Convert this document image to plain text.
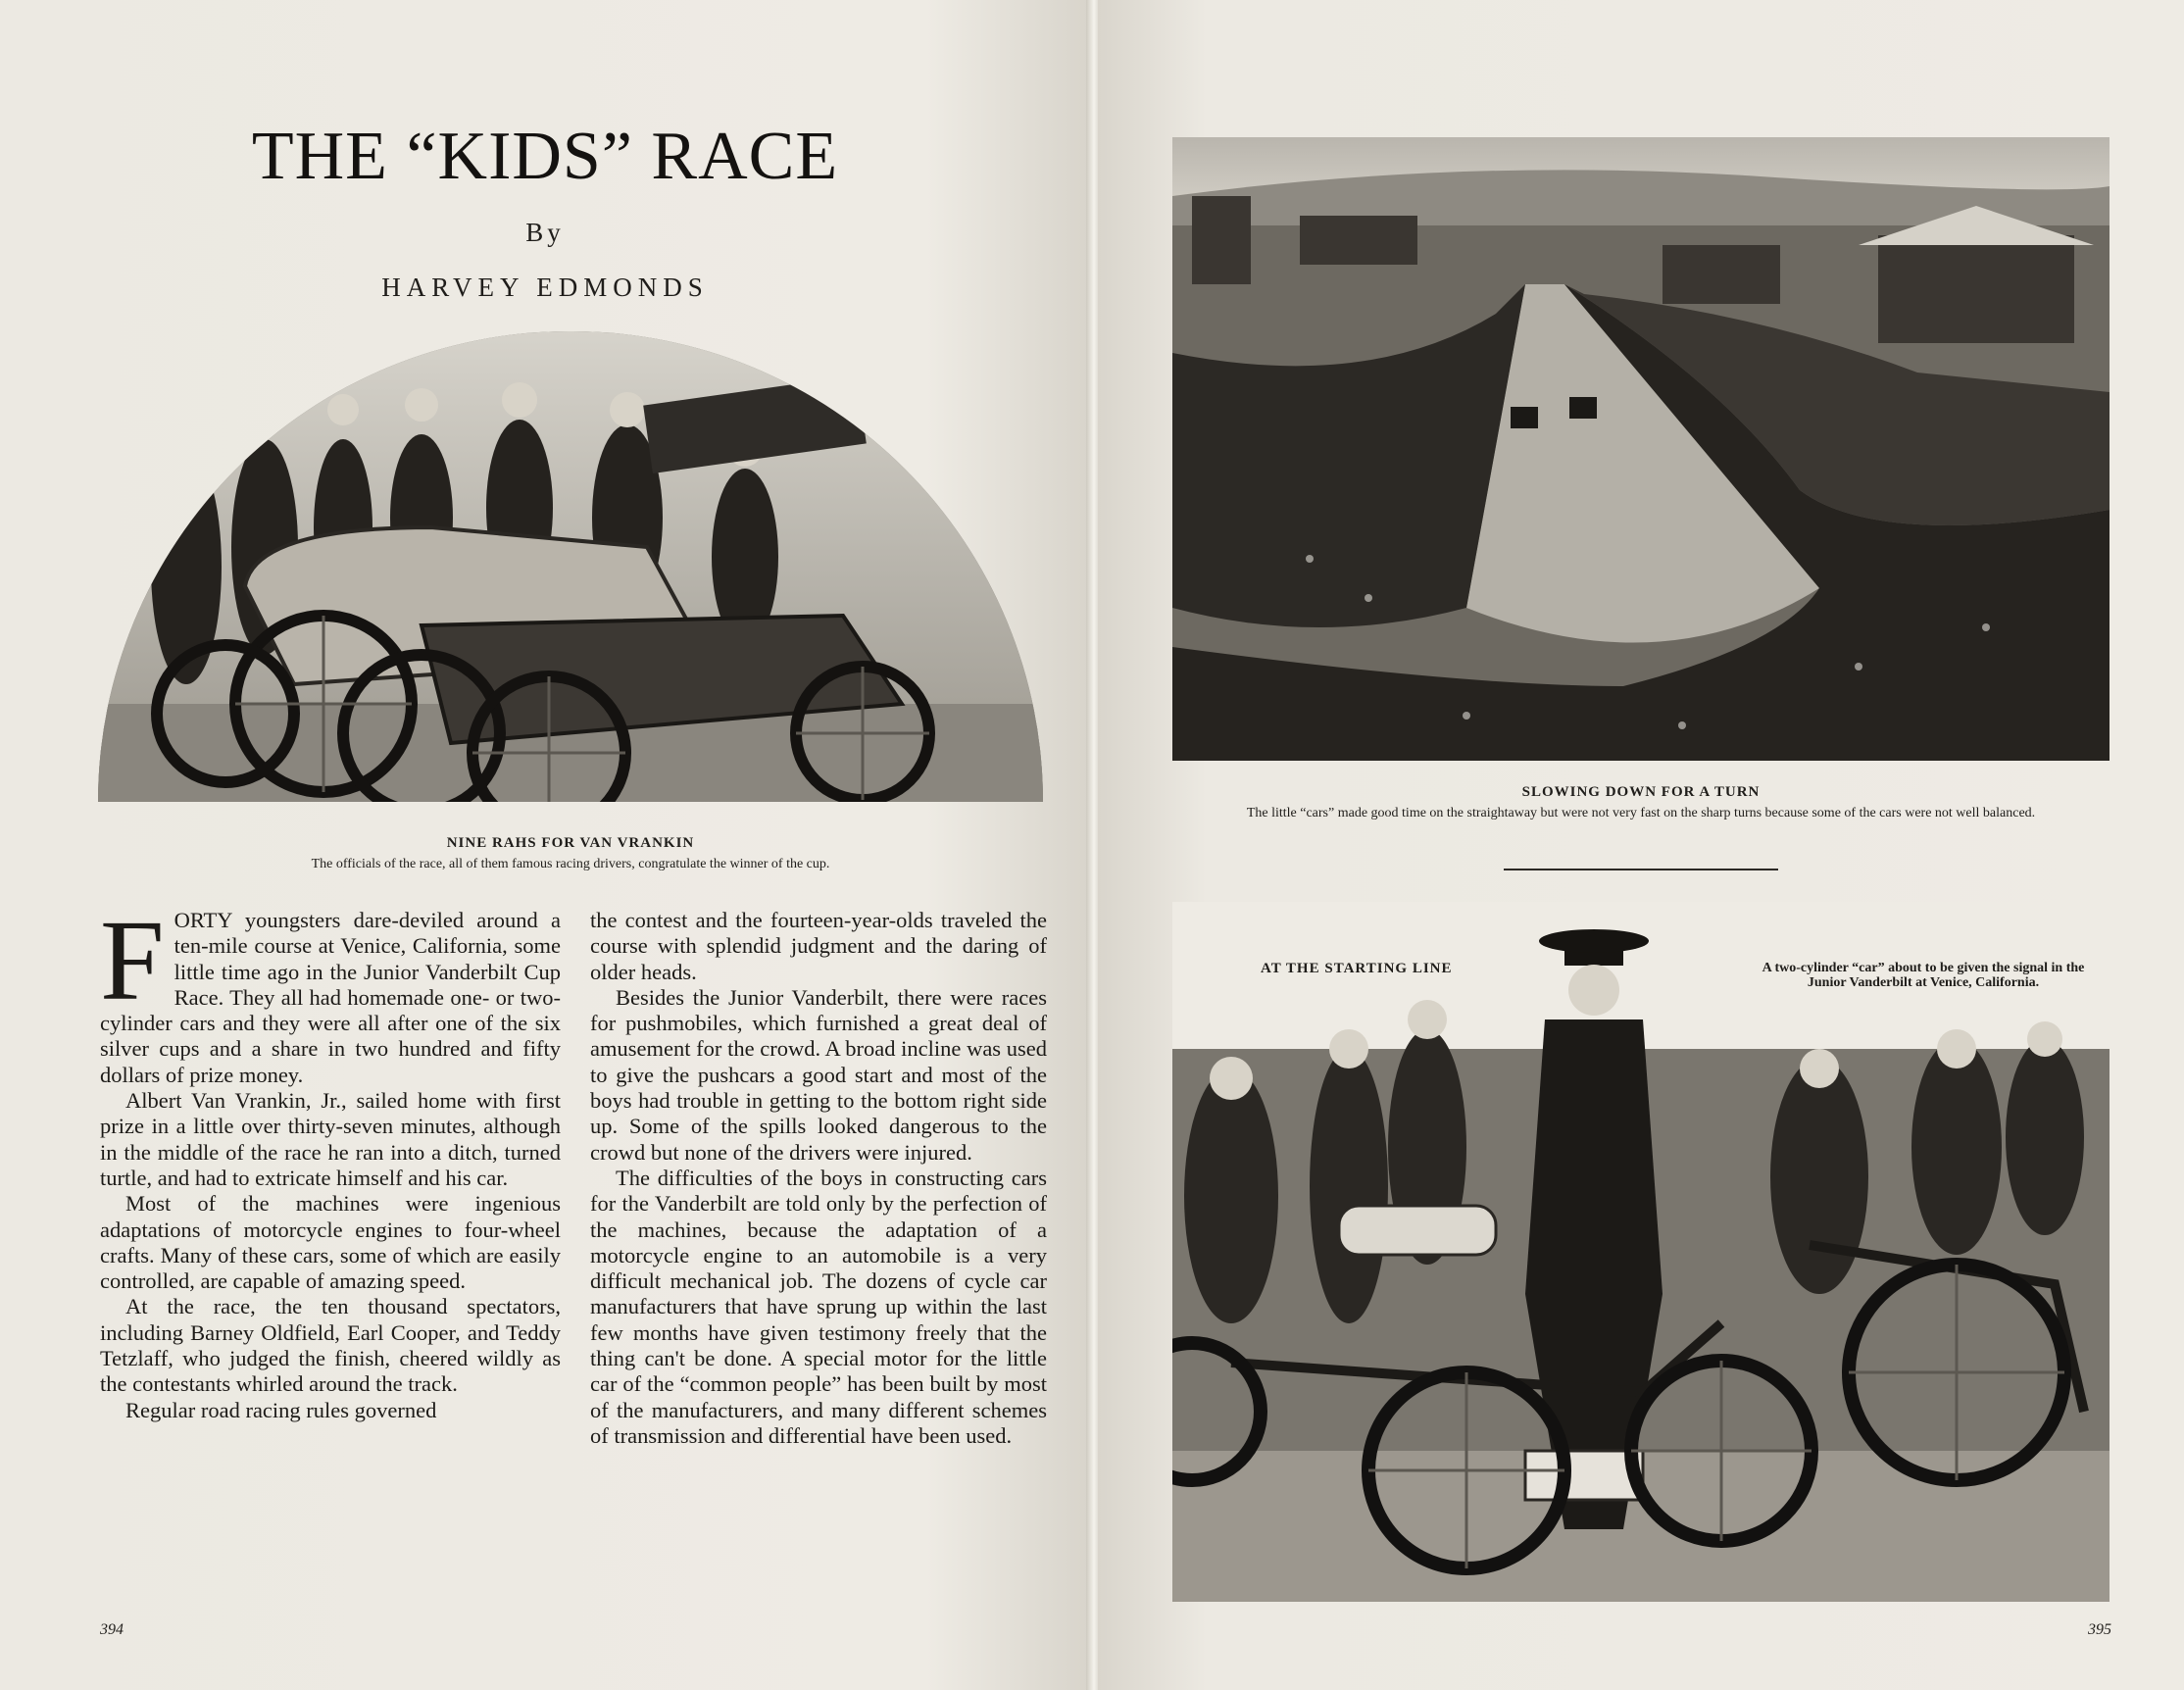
THE “KIDS” RACE
By
HARVEY EDMONDS
NINE RAHS FOR VAN VRANKIN
The officials of the race, all of them famous racing drivers, congratulate the winner of the cup.
F ORTY youngsters dare-deviled around a ten-mile course at Venice, California, some little time ago in the Junior Vanderbilt Cup Race. They all had homemade one- or two-cylinder cars and they were all after one of the six silver cups and a share in two hundred and fifty dollars of prize money.

Albert Van Vrankin, Jr., sailed home with first prize in a little over thirty-seven minutes, although in the middle of the race he ran into a ditch, turned turtle, and had to extricate himself and his car.

Most of the machines were ingenious adaptations of motorcycle engines to four-wheel crafts. Many of these cars, some of which are easily controlled, are capable of amazing speed.

At the race, the ten thousand spectators, including Barney Oldfield, Earl Cooper, and Teddy Tetzlaff, who judged the finish, cheered wildly as the contestants whirled around the track.

Regular road racing rules governed

the contest and the fourteen-year-olds traveled the course with splendid judgment and the daring of older heads.

Besides the Junior Vanderbilt, there were races for pushmobiles, which furnished a great deal of amusement for the crowd. A broad incline was used to give the pushcars a good start and most of the boys had trouble in getting to the bottom right side up. Some of the spills looked dangerous to the crowd but none of the drivers were injured.

The difficulties of the boys in constructing cars for the Vanderbilt are told only by the perfection of the machines, because the adaptation of a motorcycle engine to an automobile is a very difficult mechanical job. The dozens of cycle car manufacturers that have sprung up within the last few months have given testimony freely that the thing can't be done. A special motor for the little car of the “common people” has been built by most of the manufacturers, and many different schemes of transmission and differential have been used.

394
SLOWING DOWN FOR A TURN
The little “cars” made good time on the straightaway but were not very fast on the sharp turns because some of the cars were not well balanced.
AT THE STARTING LINE	A two-cylinder “car” about to be given the signal in the Junior Vanderbilt at Venice, California.
395
